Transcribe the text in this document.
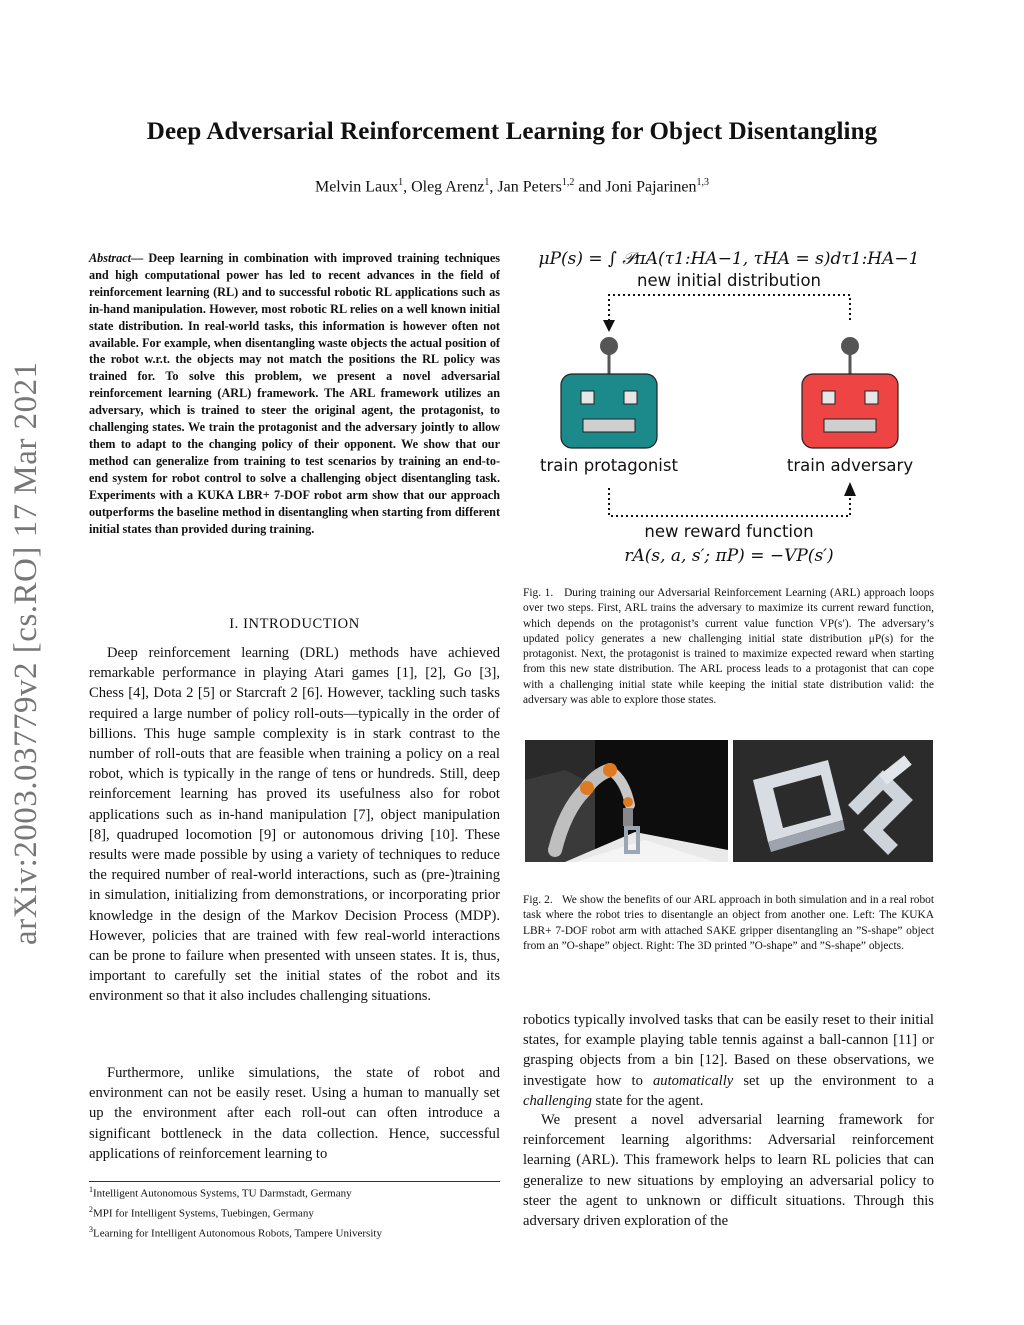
Deep Adversarial Reinforcement Learning for Object Disentangling
Melvin Laux$^1$, Oleg Arenz$^1$, Jan Peters$^{1,2}$ and Joni Pajarinen$^{1,3}$
arXiv:2003.03779v2 [cs.RO] 17 Mar 2021
Abstract— Deep learning in combination with improved training techniques and high computational power has led to recent advances in the field of reinforcement learning (RL) and to successful robotic RL applications such as in-hand manipulation. However, most robotic RL relies on a well known initial state distribution. In real-world tasks, this information is however often not available. For example, when disentangling waste objects the actual position of the robot w.r.t. the objects may not match the positions the RL policy was trained for. To solve this problem, we present a novel adversarial reinforcement learning (ARL) framework. The ARL framework utilizes an adversary, which is trained to steer the original agent, the protagonist, to challenging states. We train the protagonist and the adversary jointly to allow them to adapt to the changing policy of their opponent. We show that our method can generalize from training to test scenarios by training an end-to-end system for robot control to solve a challenging object disentangling task. Experiments with a KUKA LBR+ 7-DOF robot arm show that our approach outperforms the baseline method in disentangling when starting from different initial states than provided during training.
I. INTRODUCTION
Deep reinforcement learning (DRL) methods have achieved remarkable performance in playing Atari games [1], [2], Go [3], Chess [4], Dota 2 [5] or Starcraft 2 [6]. However, tackling such tasks required a large number of policy roll-outs—typically in the order of billions. This huge sample complexity is in stark contrast to the number of roll-outs that are feasible when training a policy on a real robot, which is typically in the range of tens or hundreds. Still, deep reinforcement learning has proved its usefulness also for robot applications such as in-hand manipulation [7], object manipulation [8], quadruped locomotion [9] or autonomous driving [10]. These results were made possible by using a variety of techniques to reduce the required number of real-world interactions, such as (pre-)training in simulation, initializing from demonstrations, or incorporating prior knowledge in the design of the Markov Decision Process (MDP). However, policies that are trained with few real-world interactions can be prone to failure when presented with unseen states. It is, thus, important to carefully set the initial states of the robot and its environment so that it also includes challenging situations.
Furthermore, unlike simulations, the state of robot and environment can not be easily reset. Using a human to manually set up the environment after each roll-out can often introduce a significant bottleneck in the data collection. Hence, successful applications of reinforcement learning to
$^1$Intelligent Autonomous Systems, TU Darmstadt, Germany
$^2$MPI for Intelligent Systems, Tuebingen, Germany
$^3$Learning for Intelligent Autonomous Robots, Tampere University
μP(s) = ∫ 𝒫πA(τ1:HA−1, τHA = s)dτ1:HA−1
new initial distribution
train protagonist	train adversary
new reward function
rA(s, a, s′; πP) = −VP(s′)
Fig. 1. During training our Adversarial Reinforcement Learning (ARL) approach loops over two steps. First, ARL trains the adversary to maximize its current reward function, which depends on the protagonist’s current value function VP(s′). The adversary’s updated policy generates a new challenging initial state distribution μP(s) for the protagonist. Next, the protagonist is trained to maximize expected reward when starting from this new state distribution. The ARL process leads to a protagonist that can cope with a challenging initial state while keeping the initial state distribution valid: the adversary was able to explore those states.
Fig. 2. We show the benefits of our ARL approach in both simulation and in a real robot task where the robot tries to disentangle an object from another one. Left: The KUKA LBR+ 7-DOF robot arm with attached SAKE gripper disentangling an ”S-shape” object from an ”O-shape” object. Right: The 3D printed ”O-shape” and ”S-shape” objects.
robotics typically involved tasks that can be easily reset to their initial states, for example playing table tennis against a ball-cannon [11] or grasping objects from a bin [12]. Based on these observations, we investigate how to automatically set up the environment to a challenging state for the agent.
We present a novel adversarial learning framework for reinforcement learning algorithms: Adversarial reinforcement learning (ARL). This framework helps to learn RL policies that can generalize to new situations by employing an adversarial policy to steer the agent to unknown or difficult situations. Through this adversary driven exploration of the
